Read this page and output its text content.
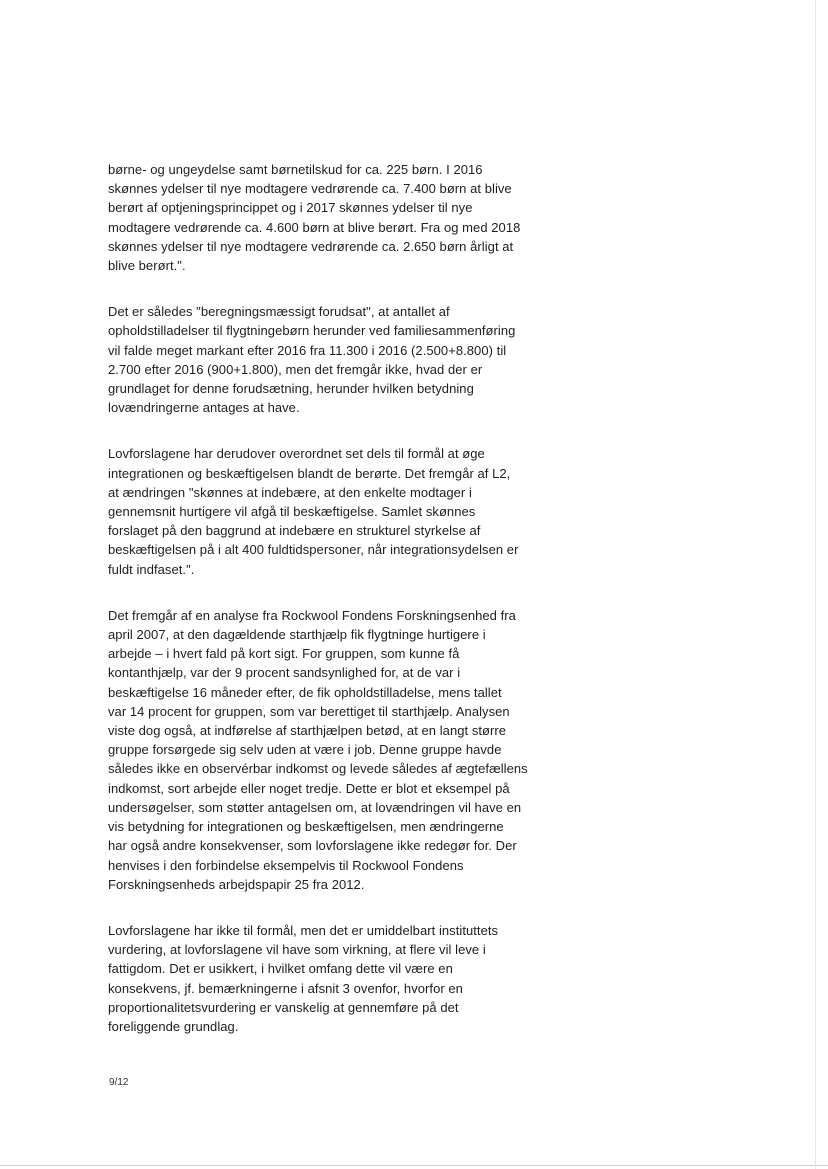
børne- og ungeydelse samt børnetilskud for ca. 225 børn. I 2016
skønnes ydelser til nye modtagere vedrørende ca. 7.400 børn at blive
berørt af optjeningsprincippet og i 2017 skønnes ydelser til nye
modtagere vedrørende ca. 4.600 børn at blive berørt. Fra og med 2018
skønnes ydelser til nye modtagere vedrørende ca. 2.650 børn årligt at
blive berørt.".

Det er således "beregningsmæssigt forudsat", at antallet af
opholdstilladelser til flygtningebørn herunder ved familiesammenføring
vil falde meget markant efter 2016 fra 11.300 i 2016 (2.500+8.800) til
2.700 efter 2016 (900+1.800), men det fremgår ikke, hvad der er
grundlaget for denne forudsætning, herunder hvilken betydning
lovændringerne antages at have.

Lovforslagene har derudover overordnet set dels til formål at øge
integrationen og beskæftigelsen blandt de berørte. Det fremgår af L2,
at ændringen "skønnes at indebære, at den enkelte modtager i
gennemsnit hurtigere vil afgå til beskæftigelse. Samlet skønnes
forslaget på den baggrund at indebære en strukturel styrkelse af
beskæftigelsen på i alt 400 fuldtidspersoner, når integrationsydelsen er
fuldt indfaset.".

Det fremgår af en analyse fra Rockwool Fondens Forskningsenhed fra
april 2007, at den dagældende starthjælp fik flygtninge hurtigere i
arbejde – i hvert fald på kort sigt. For gruppen, som kunne få
kontanthjælp, var der 9 procent sandsynlighed for, at de var i
beskæftigelse 16 måneder efter, de fik opholdstilladelse, mens tallet
var 14 procent for gruppen, som var berettiget til starthjælp. Analysen
viste dog også, at indførelse af starthjælpen betød, at en langt større
gruppe forsørgede sig selv uden at være i job. Denne gruppe havde
således ikke en observérbar indkomst og levede således af ægtefællens
indkomst, sort arbejde eller noget tredje. Dette er blot et eksempel på
undersøgelser, som støtter antagelsen om, at lovændringen vil have en
vis betydning for integrationen og beskæftigelsen, men ændringerne
har også andre konsekvenser, som lovforslagene ikke redegør for. Der
henvises i den forbindelse eksempelvis til Rockwool Fondens
Forskningsenheds arbejdspapir 25 fra 2012.

Lovforslagene har ikke til formål, men det er umiddelbart instituttets
vurdering, at lovforslagene vil have som virkning, at flere vil leve i
fattigdom. Det er usikkert, i hvilket omfang dette vil være en
konsekvens, jf. bemærkningerne i afsnit 3 ovenfor, hvorfor en
proportionalitetsvurdering er vanskelig at gennemføre på det
foreliggende grundlag.

9/12
